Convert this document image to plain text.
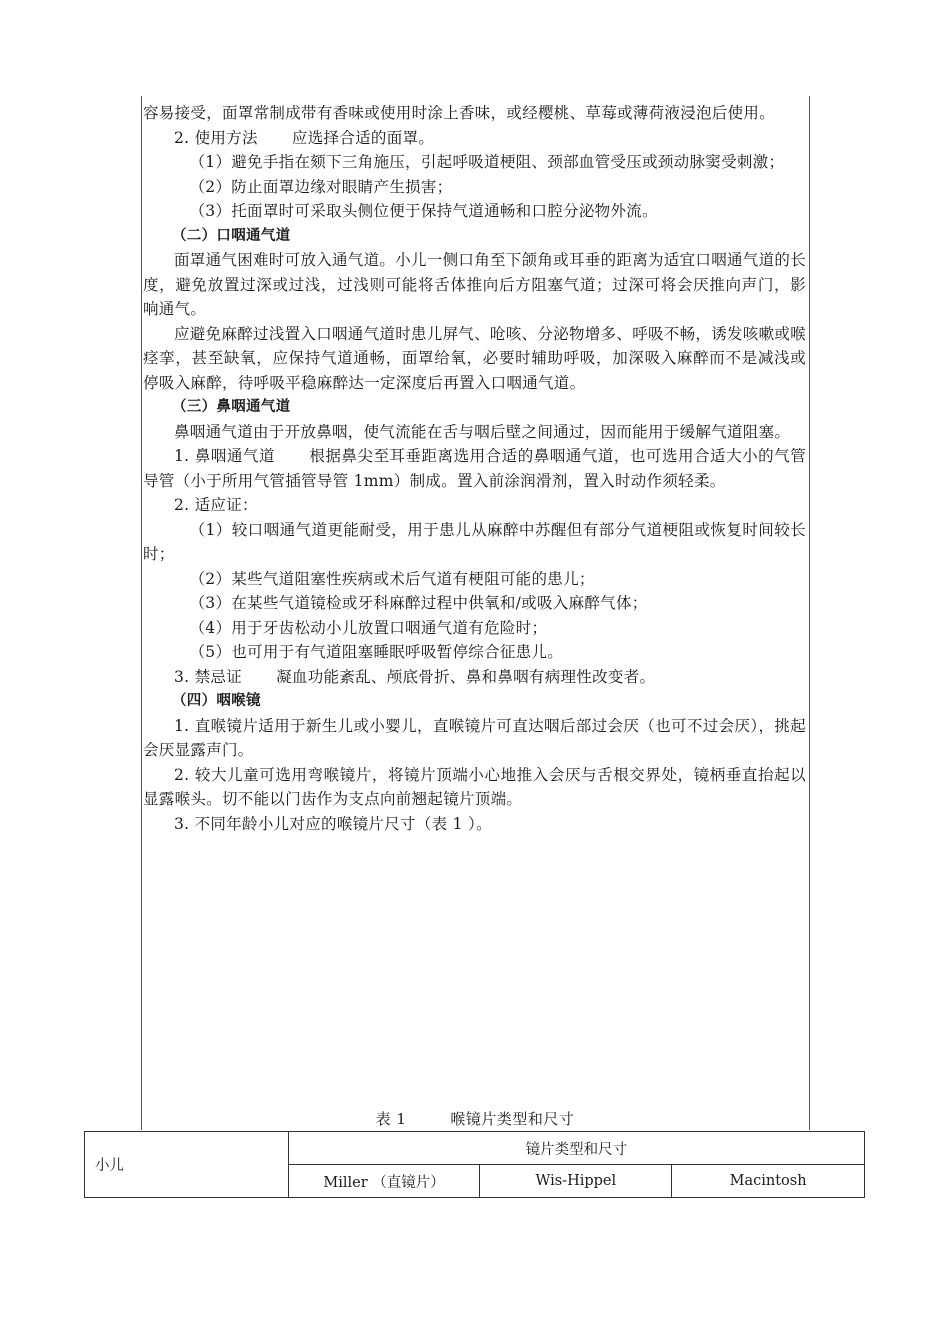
容易接受，面罩常制成带有香味或使用时涂上香味，或经樱桃、草莓或薄荷液浸泡后使用。

2. 使用方法 应选择合适的面罩。

（1）避免手指在颏下三角施压，引起呼吸道梗阻、颈部血管受压或颈动脉窦受刺激；

（2）防止面罩边缘对眼睛产生损害；

（3）托面罩时可采取头侧位便于保持气道通畅和口腔分泌物外流。

（二）口咽通气道

面罩通气困难时可放入通气道。小儿一侧口角至下颌角或耳垂的距离为适宜口咽通气道的长度，避免放置过深或过浅，过浅则可能将舌体推向后方阻塞气道；过深可将会厌推向声门，影响通气。

应避免麻醉过浅置入口咽通气道时患儿屏气、呛咳、分泌物增多、呼吸不畅，诱发咳嗽或喉痉挛，甚至缺氧，应保持气道通畅，面罩给氧，必要时辅助呼吸，加深吸入麻醉而不是减浅或停吸入麻醉，待呼吸平稳麻醉达一定深度后再置入口咽通气道。

（三）鼻咽通气道

鼻咽通气道由于开放鼻咽，使气流能在舌与咽后壁之间通过，因而能用于缓解气道阻塞。

1. 鼻咽通气道 根据鼻尖至耳垂距离选用合适的鼻咽通气道，也可选用合适大小的气管导管（小于所用气管插管导管 1mm）制成。置入前涂润滑剂，置入时动作须轻柔。

2. 适应证：

（1）较口咽通气道更能耐受，用于患儿从麻醉中苏醒但有部分气道梗阻或恢复时间较长时；

（2）某些气道阻塞性疾病或术后气道有梗阻可能的患儿；

（3）在某些气道镜检或牙科麻醉过程中供氧和/或吸入麻醉气体；

（4）用于牙齿松动小儿放置口咽通气道有危险时；

（5）也可用于有气道阻塞睡眠呼吸暂停综合征患儿。

3. 禁忌证 凝血功能紊乱、颅底骨折、鼻和鼻咽有病理性改变者。

（四）咽喉镜

1. 直喉镜片适用于新生儿或小婴儿，直喉镜片可直达咽后部过会厌（也可不过会厌），挑起会厌显露声门。

2. 较大儿童可选用弯喉镜片，将镜片顶端小心地推入会厌与舌根交界处，镜柄垂直抬起以显露喉头。切不能以门齿作为支点向前翘起镜片顶端。

3. 不同年龄小儿对应的喉镜片尺寸（表 1 ）。

表 1	喉镜片类型和尺寸
小儿	镜片类型和尺寸		
	Miller （直镜片）	Wis-Hippel	Macintosh
